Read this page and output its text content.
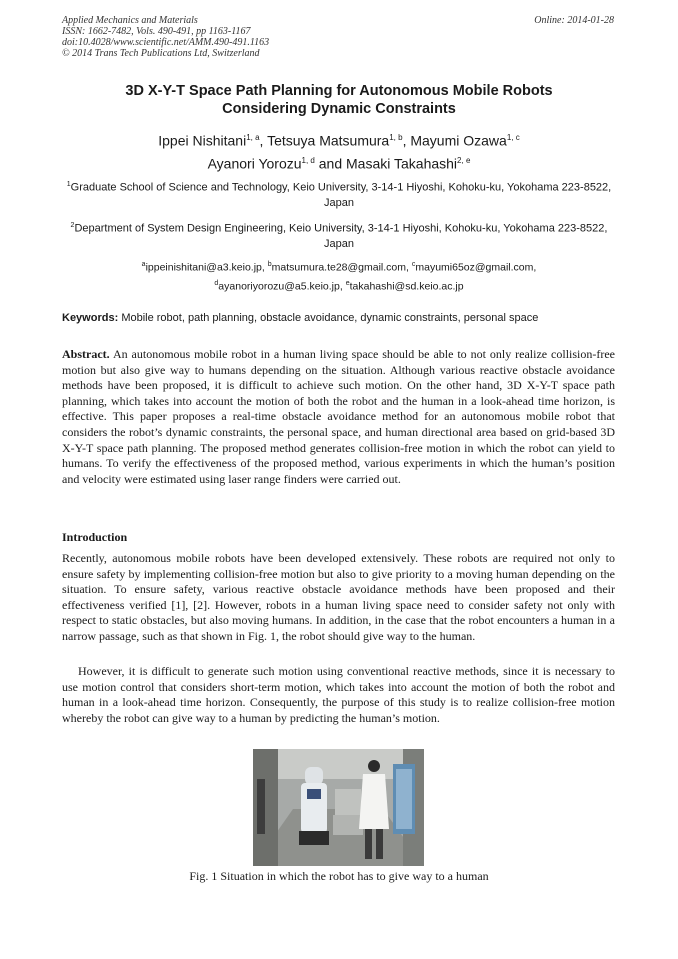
Applied Mechanics and Materials
ISSN: 1662-7482, Vols. 490-491, pp 1163-1167
doi:10.4028/www.scientific.net/AMM.490-491.1163
© 2014 Trans Tech Publications Ltd, Switzerland
Online: 2014-01-28
3D X-Y-T Space Path Planning for Autonomous Mobile Robots
Considering Dynamic Constraints
Ippei Nishitani$^{1, a}$, Tetsuya Matsumura$^{1, b}$, Mayumi Ozawa$^{1, c}$
Ayanori Yorozu$^{1, d}$ and Masaki Takahashi$^{2, e}$
$^1$Graduate School of Science and Technology, Keio University, 3-14-1 Hiyoshi, Kohoku-ku, Yokohama 223-8522, Japan
$^2$Department of System Design Engineering, Keio University, 3-14-1 Hiyoshi, Kohoku-ku, Yokohama 223-8522, Japan
$^a$ippeinishitani@a3.keio.jp, $^b$matsumura.te28@gmail.com, $^c$mayumi65oz@gmail.com,
$^d$ayanoriyorozu@a5.keio.jp, $^e$takahashi@sd.keio.ac.jp
Keywords: Mobile robot, path planning, obstacle avoidance, dynamic constraints, personal space
Abstract. An autonomous mobile robot in a human living space should be able to not only realize collision-free motion but also give way to humans depending on the situation. Although various reactive obstacle avoidance methods have been proposed, it is difficult to achieve such motion. On the other hand, 3D X-Y-T space path planning, which takes into account the motion of both the robot and the human in a look-ahead time horizon, is effective. This paper proposes a real-time obstacle avoidance method for an autonomous mobile robot that considers the robot’s dynamic constraints, the personal space, and human directional area based on grid-based 3D X-Y-T space path planning. The proposed method generates collision-free motion in which the robot can yield to humans. To verify the effectiveness of the proposed method, various experiments in which the human’s position and velocity were estimated using laser range finders were carried out.
Introduction
Recently, autonomous mobile robots have been developed extensively. These robots are required not only to ensure safety by implementing collision-free motion but also to give priority to a moving human depending on the situation. To ensure safety, various reactive obstacle avoidance methods have been proposed and their effectiveness verified [1], [2]. However, robots in a human living space need to consider safety not only with respect to static obstacles, but also moving humans. In addition, in the case that the robot encounters a human in a narrow passage, such as that shown in Fig. 1, the robot should give way to the human.
However, it is difficult to generate such motion using conventional reactive methods, since it is necessary to use motion control that considers short-term motion, which takes into account the motion of both the robot and human in a look-ahead time horizon. Consequently, the purpose of this study is to realize collision-free motion whereby the robot can give way to a human by predicting the human’s motion.
Fig. 1 Situation in which the robot has to give way to a human
